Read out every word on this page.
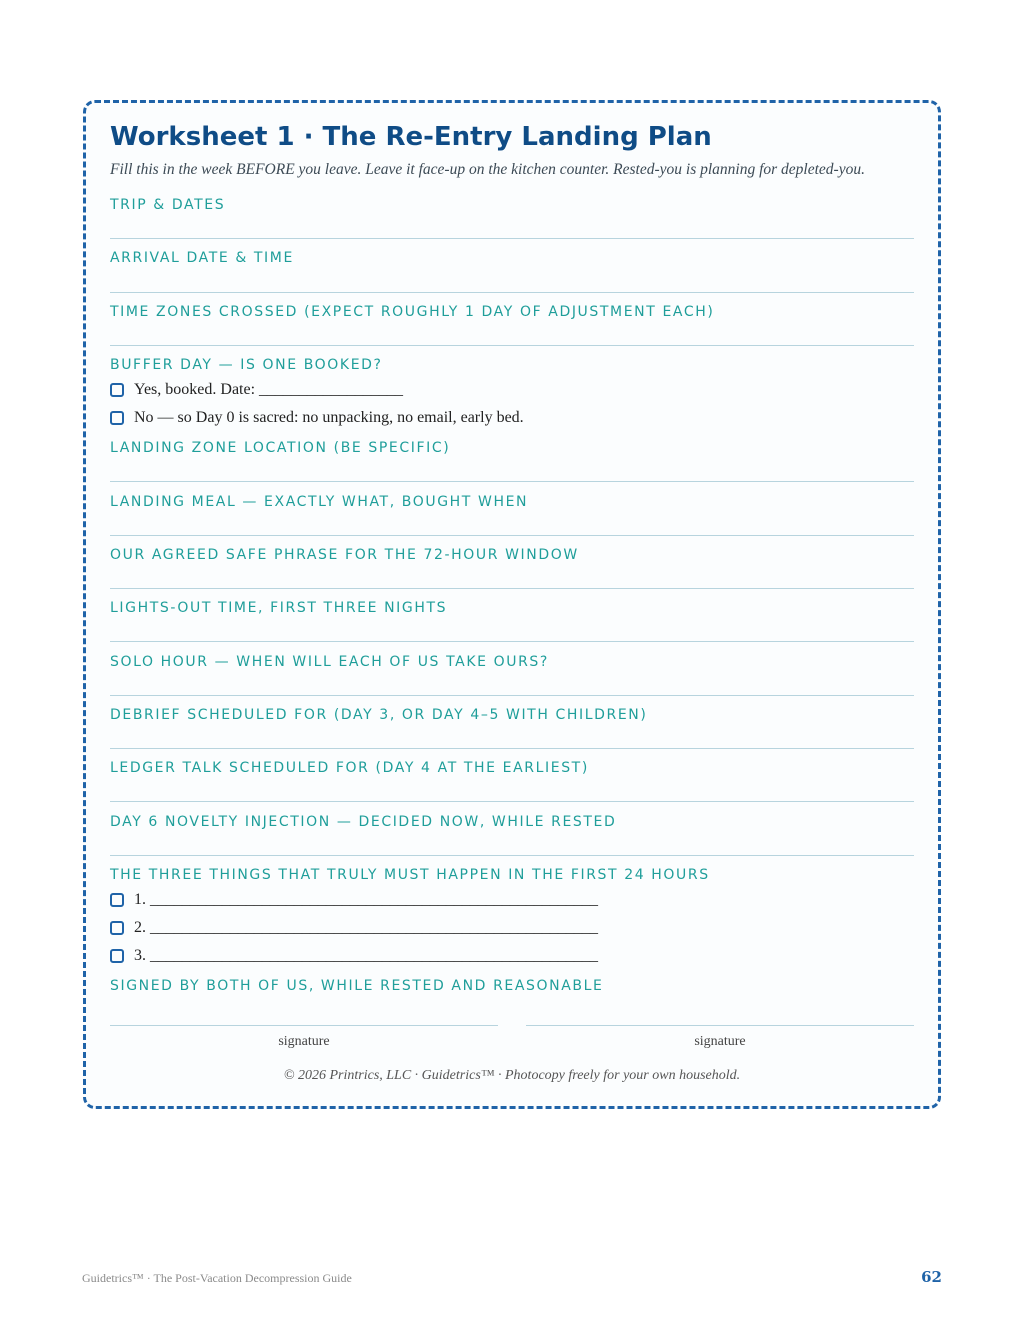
Worksheet 1 · The Re-Entry Landing Plan

Fill this in the week BEFORE you leave. Leave it face-up on the kitchen counter. Rested-you is planning for depleted-you.

TRIP & DATES
ARRIVAL DATE & TIME
TIME ZONES CROSSED (EXPECT ROUGHLY 1 DAY OF ADJUSTMENT EACH)
BUFFER DAY — IS ONE BOOKED?
Yes, booked. Date: __________________
No — so Day 0 is sacred: no unpacking, no email, early bed.
LANDING ZONE LOCATION (BE SPECIFIC)
LANDING MEAL — EXACTLY WHAT, BOUGHT WHEN
OUR AGREED SAFE PHRASE FOR THE 72-HOUR WINDOW
LIGHTS-OUT TIME, FIRST THREE NIGHTS
SOLO HOUR — WHEN WILL EACH OF US TAKE OURS?
DEBRIEF SCHEDULED FOR (DAY 3, OR DAY 4–5 WITH CHILDREN)
LEDGER TALK SCHEDULED FOR (DAY 4 AT THE EARLIEST)
DAY 6 NOVELTY INJECTION — DECIDED NOW, WHILE RESTED
THE THREE THINGS THAT TRULY MUST HAPPEN IN THE FIRST 24 HOURS
1. ________________________________________________________
2. ________________________________________________________
3. ________________________________________________________
SIGNED BY BOTH OF US, WHILE RESTED AND REASONABLE
signature	signature
© 2026 Printrics, LLC · Guidetrics™ · Photocopy freely for your own household.
Guidetrics™ · The Post-Vacation Decompression Guide	62
